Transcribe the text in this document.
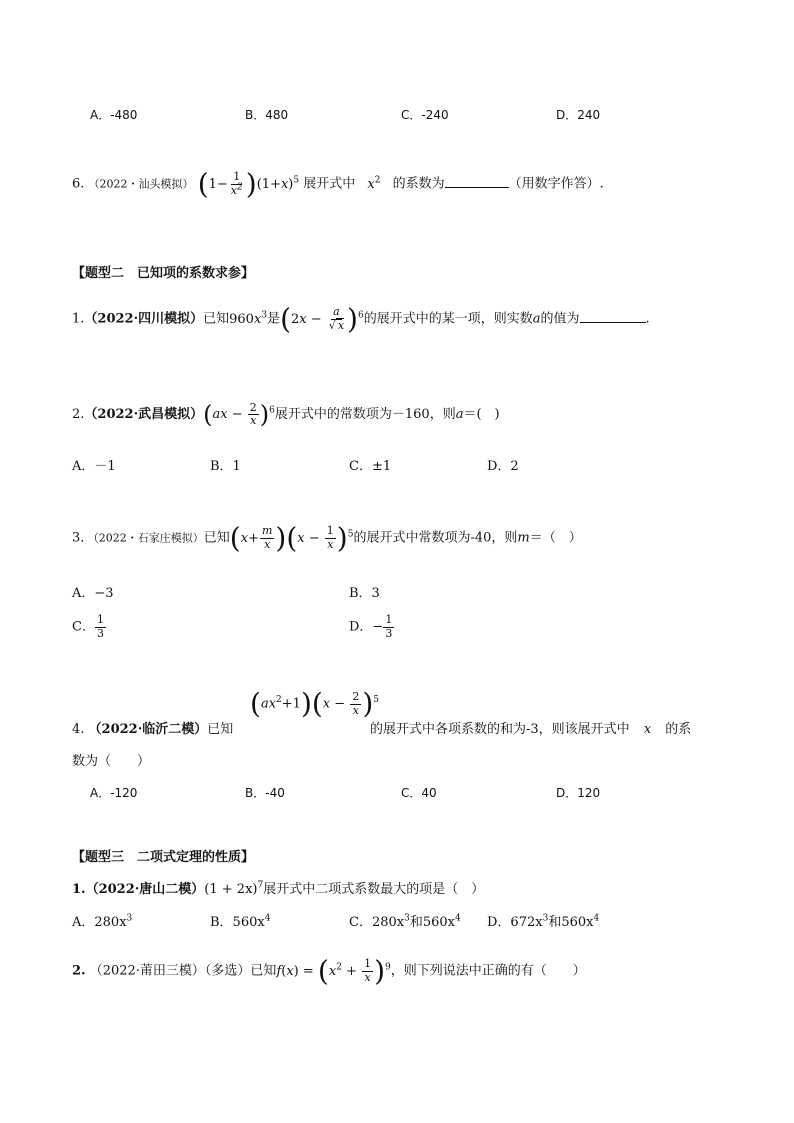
A．-480	B．480	C．-240	D．240
6. （2022・汕头模拟） $(1- \frac{1}{x^2} )(1+x)^5$ 展开式中 $x^2$ 的系数为	（用数字作答）.
【题型二　已知项的系数求参】
1.（2022·四川模拟）已知$960x^3$是$(2x - \frac{a}{√ x} )^6$的展开式中的某一项，则实数a的值为	.
2.（2022·武昌模拟）$(ax - \frac{2}{x} )^6$展开式中的常数项为－160，则a＝(　)
A．－1	B．1	C．±1	D．2
3．（2022・石家庄模拟）已知$(x+ \frac{m}{x} )(x - \frac{1}{x} )^5$的展开式中常数项为-40，则m＝（　）
A．−3	B．3
C． $\frac{1}{3}$	D．− $\frac{1}{3}$
4. （2022·临沂二模）已知
$(ax^2+1)(x - \frac{2}{x} )^5$
的展开式中各项系数的和为-3，则该展开式中 x 的系
数为（　　）
A．-120	B．-40	C．40	D．120
【题型三　二项式定理的性质】
1.（2022·唐山二模）$(1 + 2x)^7$展开式中二项式系数最大的项是（　）
A．$280x^3$	B．$560x^4$	C．$280x^3$和$560x^4$ D．$672x^3$和$560x^4$
2. （2022·莆田三模）（多选）已知$f(x) = (x^2 + \frac{1}{x} )^9$，则下列说法中正确的有（　　）
